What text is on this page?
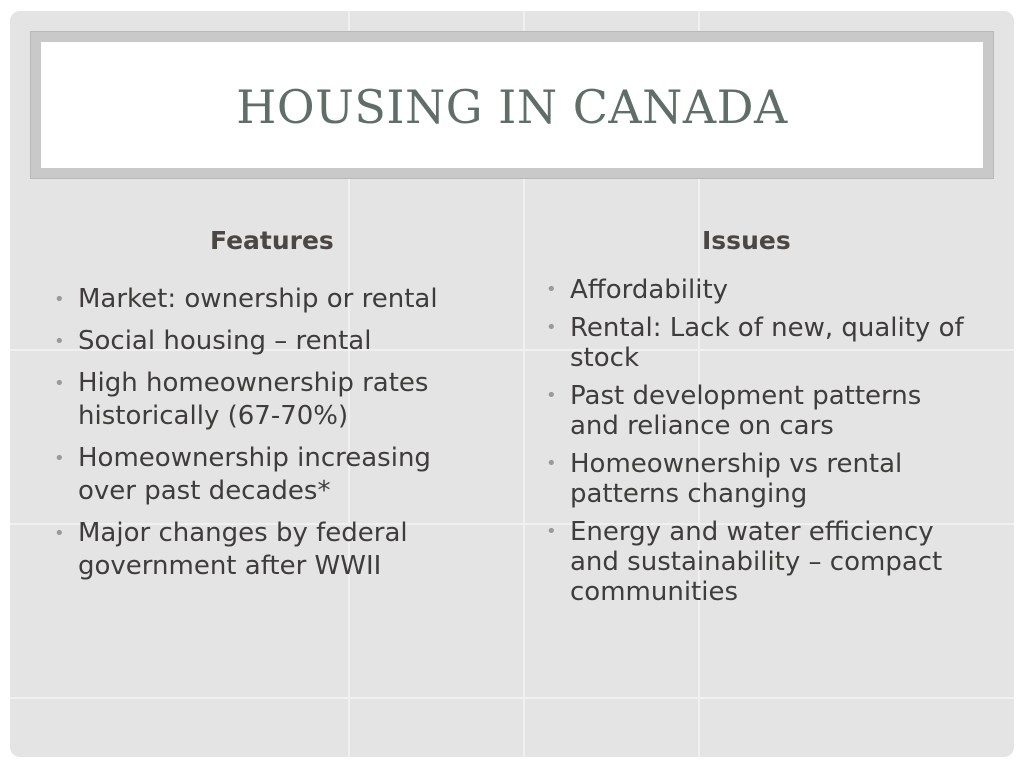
HOUSING IN CANADA
Features	Issues
• Market: ownership or rental
• Social housing – rental
• High homeownership rates historically (67-70%)
• Homeownership increasing over past decades*
• Major changes by federal government after WWII
• Affordability
• Rental: Lack of new, quality of stock
• Past development patterns and reliance on cars
• Homeownership vs rental patterns changing
• Energy and water efficiency and sustainability – compact communities
